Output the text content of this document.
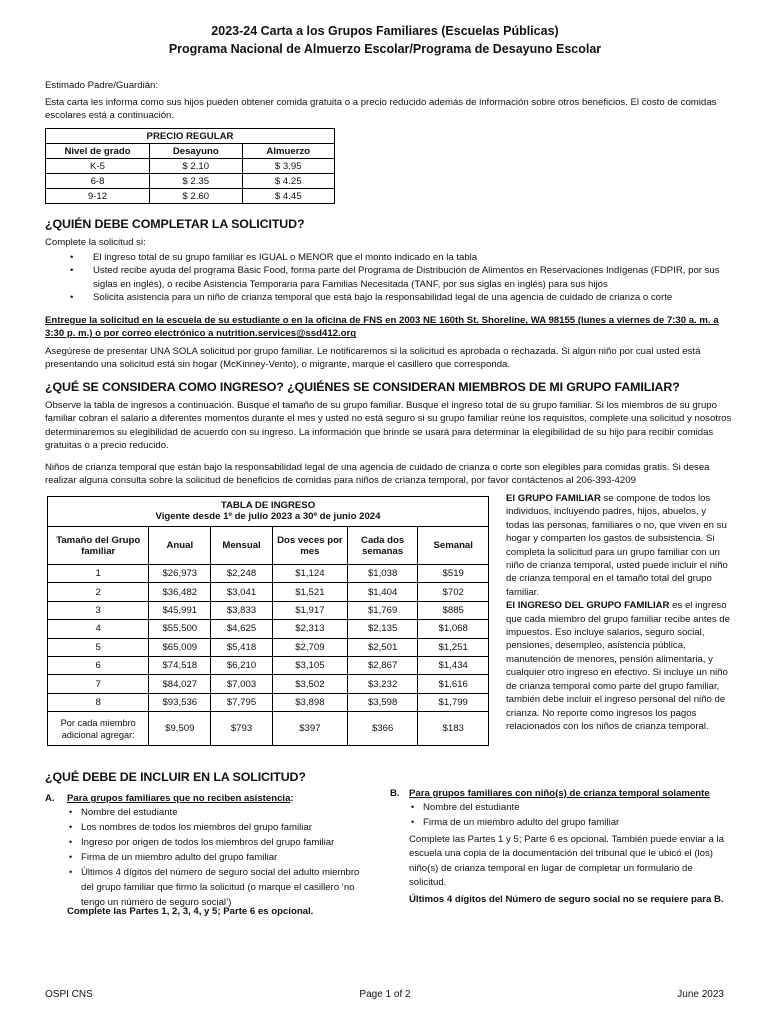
2023-24 Carta a los Grupos Familiares (Escuelas Públicas)
Programa Nacional de Almuerzo Escolar/Programa de Desayuno Escolar
Estimado Padre/Guardián:
Esta carta les informa como sus hijos pueden obtener comida gratuita o a precio reducido además de información sobre otros beneficios. El costo de comidas escolares está a continuación.
PRECIO REGULAR		
Nivel de grado	Desayuno	Almuerzo
K-5	$ 2.10	$ 3.95
6-8	$ 2.35	$ 4.25
9-12	$ 2.60	$ 4.45
¿QUIÉN DEBE COMPLETAR LA SOLICITUD?
Complete la solicitud si:
• El ingreso total de su grupo familiar es IGUAL o MENOR que el monto indicado en la tabla
• Usted recibe ayuda del programa Basic Food, forma parte del Programa de Distribución de Alimentos en Reservaciones Indígenas (FDPIR, por sus siglas en inglés), o recibe Asistencia Temporaria para Familias Necesitada (TANF, por sus siglas en inglés) para sus hijos
• Solicita asistencia para un niño de crianza temporal que está bajo la responsabilidad legal de una agencia de cuidado de crianza o corte
Entregue la solicitud en la escuela de su estudiante o en la oficina de FNS en 2003 NE 160th St. Shoreline, WA 98155 (lunes a viernes de 7:30 a. m. a 3:30 p. m.) o por correo electrónico a nutrition.services@ssd412.org
Asegúrese de presentar UNA SOLA solicitud por grupo familiar. Le notificaremos si la solicitud es aprobada o rechazada. Si algún niño por cual usted está presentando una solicitud está sin hogar (McKinney-Vento), o migrante, marque el casillero que corresponda.
¿QUÉ SE CONSIDERA COMO INGRESO? ¿QUIÉNES SE CONSIDERAN MIEMBROS DE MI GRUPO FAMILIAR?
Observe la tabla de ingresos a continuación. Busque el tamaño de su grupo familiar. Busque el ingreso total de su grupo familiar. Si los miembros de su grupo familiar cobran el salario a diferentes momentos durante el mes y usted no está seguro si su grupo familiar reúne los requisitos, complete una solicitud y nosotros determinaremos su elegibilidad de acuerdo con su ingreso. La información que brinde se usará para determinar la elegibilidad de su hijo para recibir comidas gratuitas o a precio reducido.
Niños de crianza temporal que están bajo la responsabilidad legal de una agencia de cuidado de crianza o corte son elegibles para comidas gratis. Si desea realizar alguna consulta sobre la solicitud de beneficios de comidas para niños de crianza temporal, por favor contáctenos al 206-393-4209
TABLA DE INGRESO					
Vigente desde 1º de julio 2023 a 30º de junio 2024					
Tamaño del Grupo familiar	Anual	Mensual	Dos veces por mes	Cada dos semanas	Semanal
1	$26,973	$2,248	$1,124	$1,038	$519
2	$36,482	$3,041	$1,521	$1,404	$702
3	$45,991	$3,833	$1,917	$1,769	$885
4	$55,500	$4,625	$2,313	$2,135	$1,068
5	$65,009	$5,418	$2,709	$2,501	$1,251
6	$74,518	$6,210	$3,105	$2,867	$1,434
7	$84,027	$7,003	$3,502	$3,232	$1,616
8	$93,536	$7,795	$3,898	$3,598	$1,799
Por cada miembro adicional agregar:	$9,509	$793	$397	$366	$183
El GRUPO FAMILIAR se compone de todos los individuos, incluyendo padres, hijos, abuelos, y todas las personas, familiares o no, que viven en su hogar y comparten los gastos de subsistencia. Si completa la solicitud para un grupo familiar con un niño de crianza temporal, usted puede incluir el niño de crianza temporal en el tamaño total del grupo familiar.
El INGRESO DEL GRUPO FAMILIAR es el ingreso que cada miembro del grupo familiar recibe antes de impuestos. Eso incluye salarios, seguro social, pensiones, desempleo, asistencia pública, manutención de menores, pensión alimentaria, y cualquier otro ingreso en efectivo. Si incluye un niño de crianza temporal como parte del grupo familiar, también debe incluir el ingreso personal del niño de crianza. No reporte como ingresos los pagos relacionados con los niños de crianza temporal.
¿QUÉ DEBE DE INCLUIR EN LA SOLICITUD?
A. Para grupos familiares que no reciben asistencia:
• Nombre del estudiante
• Los nombres de todos los miembros del grupo familiar
• Ingreso por origen de todos los miembros del grupo familiar
• Firma de un miembro adulto del grupo familiar
• Últimos 4 dígitos del número de seguro social del adulto miembro del grupo familiar que firmo la solicitud (o marque el casillero ‘no tengo un número de seguro social’)
Complete las Partes 1, 2, 3, 4, y 5; Parte 6 es opcional.
B. Para grupos familiares con niño(s) de crianza temporal solamente
• Nombre del estudiante
• Firma de un miembro adulto del grupo familiar
Complete las Partes 1 y 5; Parte 6 es opcional. También puede enviar a la escuela una copia de la documentación del tribunal que le ubicó el (los) niño(s) de crianza temporal en lugar de completar un formulario de solicitud.
Últimos 4 dígitos del Número de seguro social no se requiere para B.
OSPI CNS	Page 1 of 2	June 2023
